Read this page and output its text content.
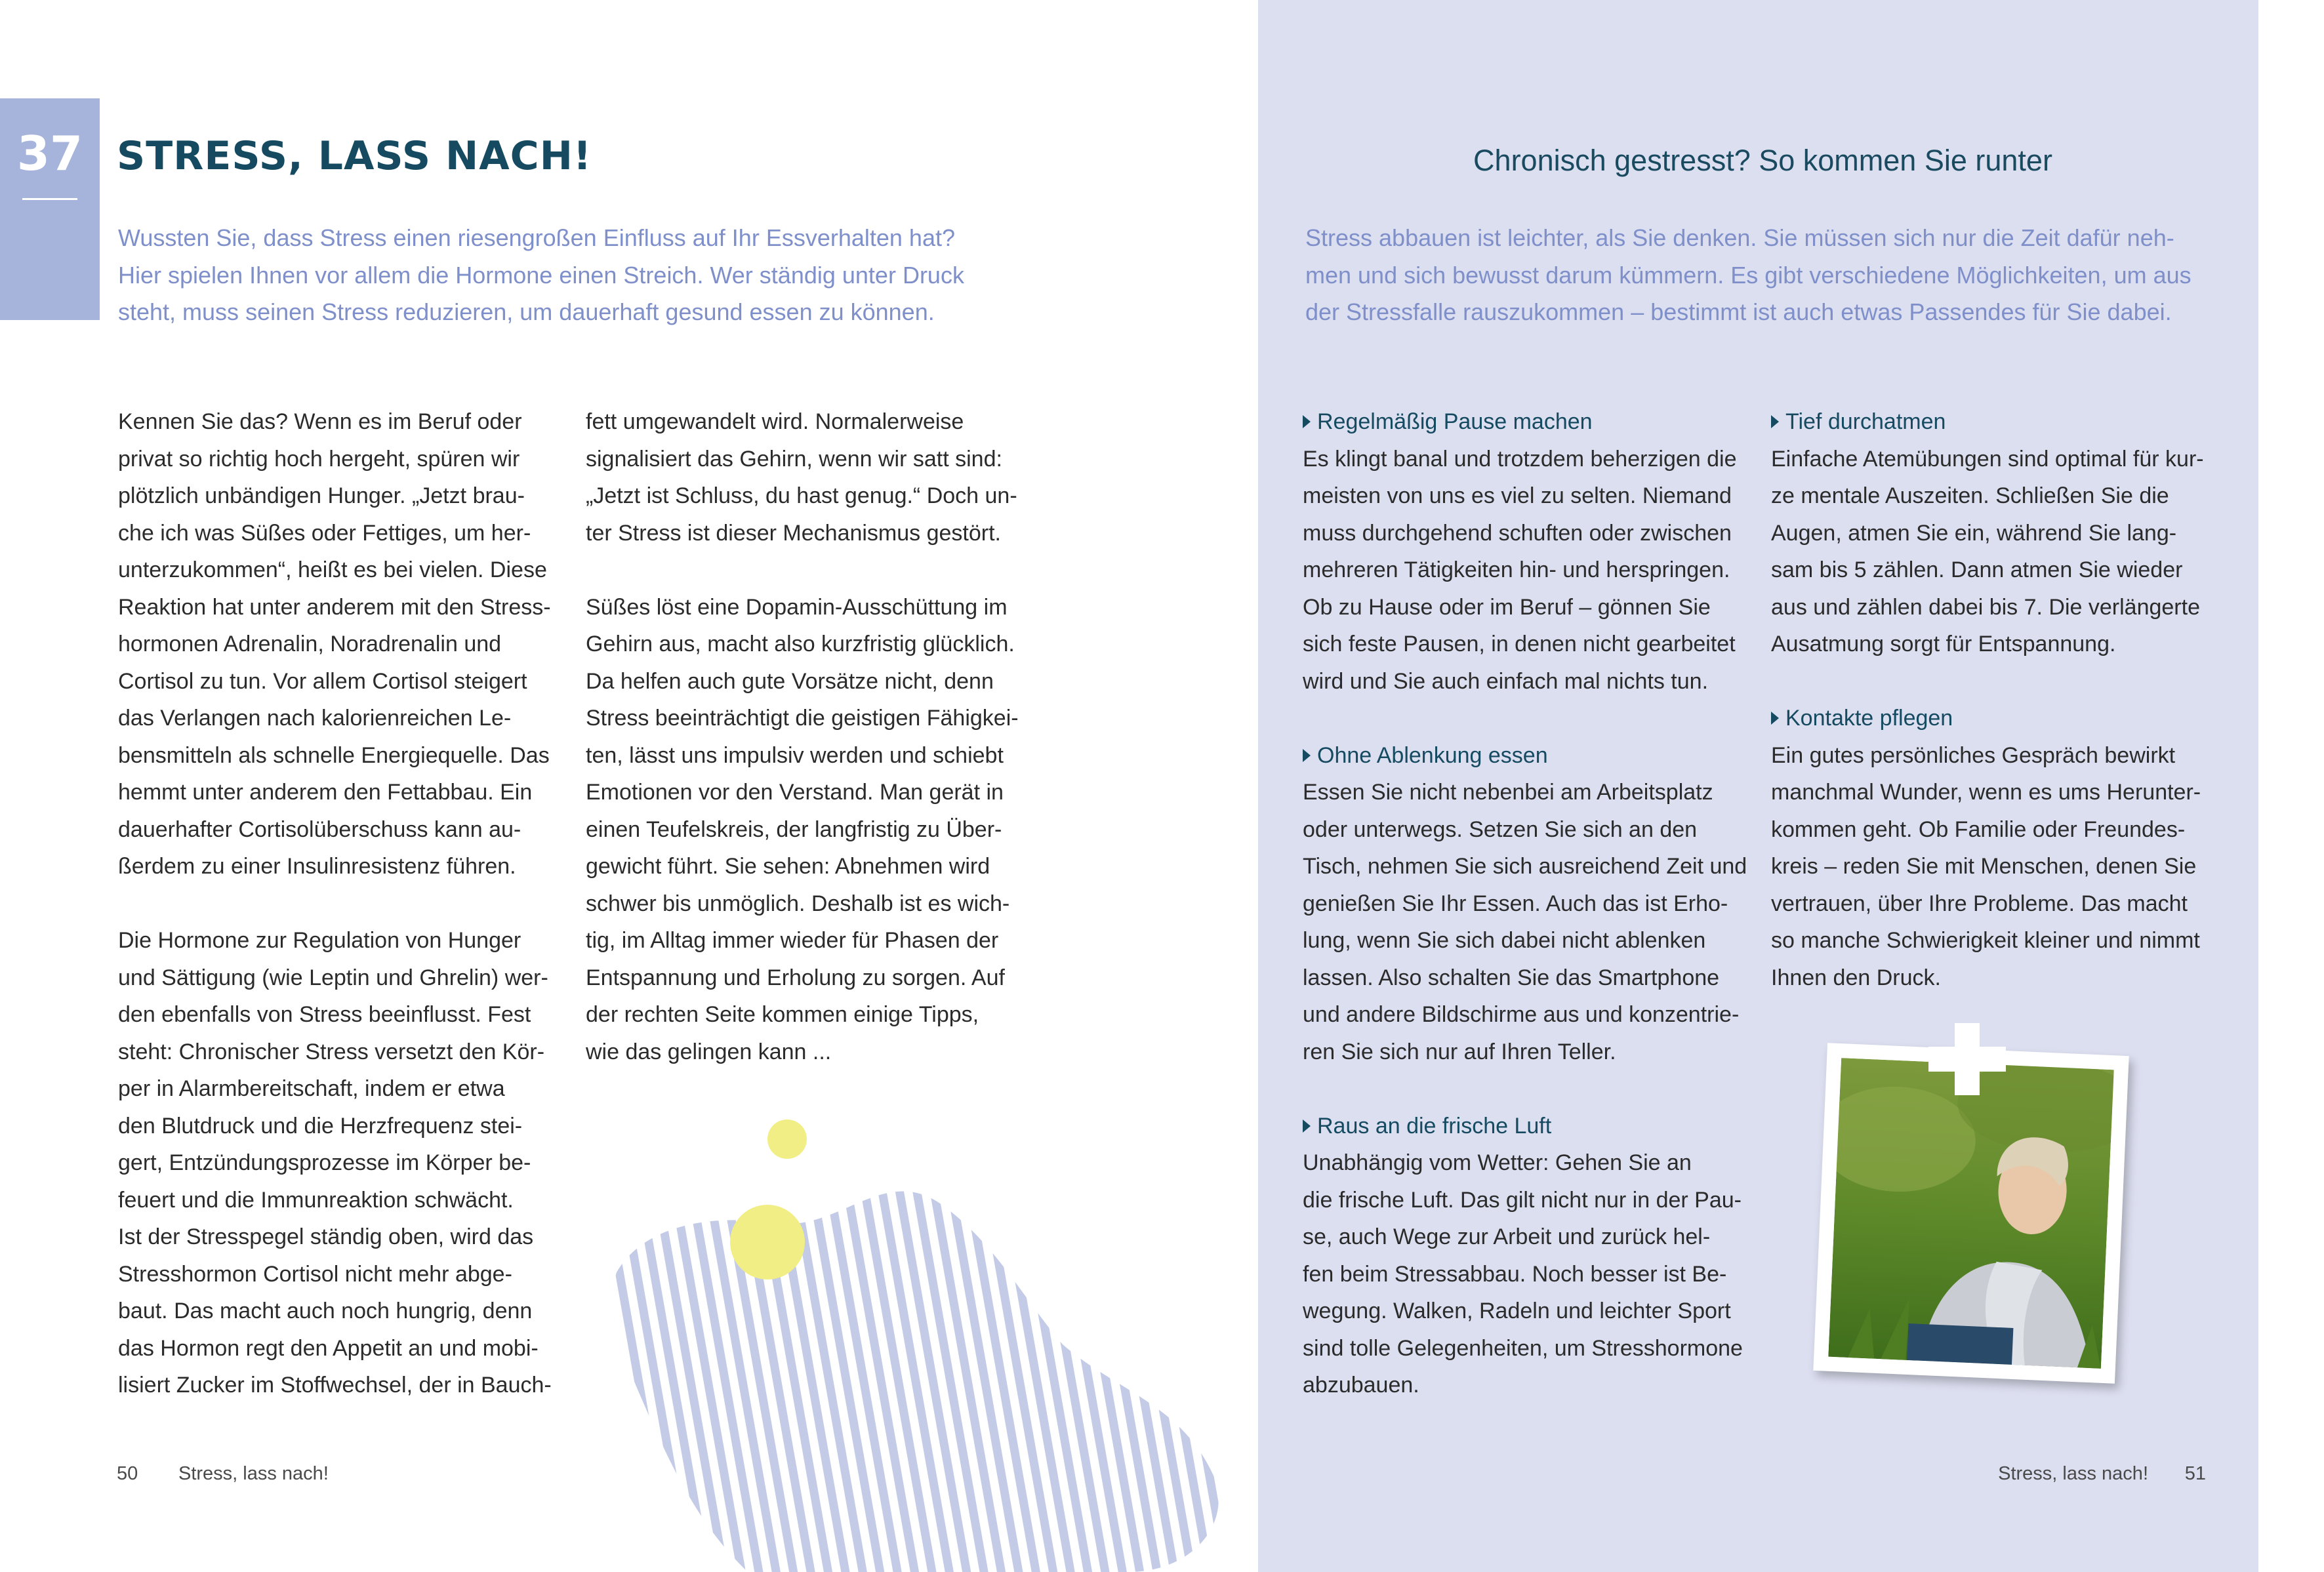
37 STRESS, LASS NACH!

Wussten Sie, dass Stress einen riesengroßen Einfluss auf Ihr Essverhalten hat?
Hier spielen Ihnen vor allem die Hormone einen Streich. Wer ständig unter Druck
steht, muss seinen Stress reduzieren, um dauerhaft gesund essen zu können.

Kennen Sie das? Wenn es im Beruf oder
privat so richtig hoch hergeht, spüren wir
plötzlich unbändigen Hunger. „Jetzt brau-
che ich was Süßes oder Fettiges, um her-
unterzukommen“, heißt es bei vielen. Diese
Reaktion hat unter anderem mit den Stress-
hormonen Adrenalin, Noradrenalin und
Cortisol zu tun. Vor allem Cortisol steigert
das Verlangen nach kalorienreichen Le-
bensmitteln als schnelle Energiequelle. Das
hemmt unter anderem den Fettabbau. Ein
dauerhafter Cortisolüberschuss kann au-
ßerdem zu einer Insulinresistenz führen.

Die Hormone zur Regulation von Hunger
und Sättigung (wie Leptin und Ghrelin) wer-
den ebenfalls von Stress beeinflusst. Fest
steht: Chronischer Stress versetzt den Kör-
per in Alarmbereitschaft, indem er etwa
den Blutdruck und die Herzfrequenz stei-
gert, Entzündungsprozesse im Körper be-
feuert und die Immunreaktion schwächt.
Ist der Stresspegel ständig oben, wird das
Stresshormon Cortisol nicht mehr abge-
baut. Das macht auch noch hungrig, denn
das Hormon regt den Appetit an und mobi-
lisiert Zucker im Stoffwechsel, der in Bauch-

fett umgewandelt wird. Normalerweise
signalisiert das Gehirn, wenn wir satt sind:
„Jetzt ist Schluss, du hast genug.“ Doch un-
ter Stress ist dieser Mechanismus gestört.

Süßes löst eine Dopamin-Ausschüttung im
Gehirn aus, macht also kurzfristig glücklich.
Da helfen auch gute Vorsätze nicht, denn
Stress beeinträchtigt die geistigen Fähigkei-
ten, lässt uns impulsiv werden und schiebt
Emotionen vor den Verstand. Man gerät in
einen Teufelskreis, der langfristig zu Über-
gewicht führt. Sie sehen: Abnehmen wird
schwer bis unmöglich. Deshalb ist es wich-
tig, im Alltag immer wieder für Phasen der
Entspannung und Erholung zu sorgen. Auf
der rechten Seite kommen einige Tipps,
wie das gelingen kann ...

50 Stress, lass nach!
Chronisch gestresst? So kommen Sie runter

Stress abbauen ist leichter, als Sie denken. Sie müssen sich nur die Zeit dafür neh-
men und sich bewusst darum kümmern. Es gibt verschiedene Möglichkeiten, um aus
der Stressfalle rauszukommen – bestimmt ist auch etwas Passendes für Sie dabei.

Regelmäßig Pause machen
Es klingt banal und trotzdem beherzigen die
meisten von uns es viel zu selten. Niemand
muss durchgehend schuften oder zwischen
mehreren Tätigkeiten hin- und herspringen.
Ob zu Hause oder im Beruf – gönnen Sie
sich feste Pausen, in denen nicht gearbeitet
wird und Sie auch einfach mal nichts tun.
Ohne Ablenkung essen
Essen Sie nicht nebenbei am Arbeitsplatz
oder unterwegs. Setzen Sie sich an den
Tisch, nehmen Sie sich ausreichend Zeit und
genießen Sie Ihr Essen. Auch das ist Erho-
lung, wenn Sie sich dabei nicht ablenken
lassen. Also schalten Sie das Smartphone
und andere Bildschirme aus und konzentrie-
ren Sie sich nur auf Ihren Teller.
Raus an die frische Luft
Unabhängig vom Wetter: Gehen Sie an
die frische Luft. Das gilt nicht nur in der Pau-
se, auch Wege zur Arbeit und zurück hel-
fen beim Stressabbau. Noch besser ist Be-
wegung. Walken, Radeln und leichter Sport
sind tolle Gelegenheiten, um Stresshormone
abzubauen.
Tief durchatmen
Einfache Atemübungen sind optimal für kur-
ze mentale Auszeiten. Schließen Sie die
Augen, atmen Sie ein, während Sie lang-
sam bis 5 zählen. Dann atmen Sie wieder
aus und zählen dabei bis 7. Die verlängerte
Ausatmung sorgt für Entspannung.
Kontakte pflegen
Ein gutes persönliches Gespräch bewirkt
manchmal Wunder, wenn es ums Herunter-
kommen geht. Ob Familie oder Freundes-
kreis – reden Sie mit Menschen, denen Sie
vertrauen, über Ihre Probleme. Das macht
so manche Schwierigkeit kleiner und nimmt
Ihnen den Druck.
Stress, lass nach! 51
